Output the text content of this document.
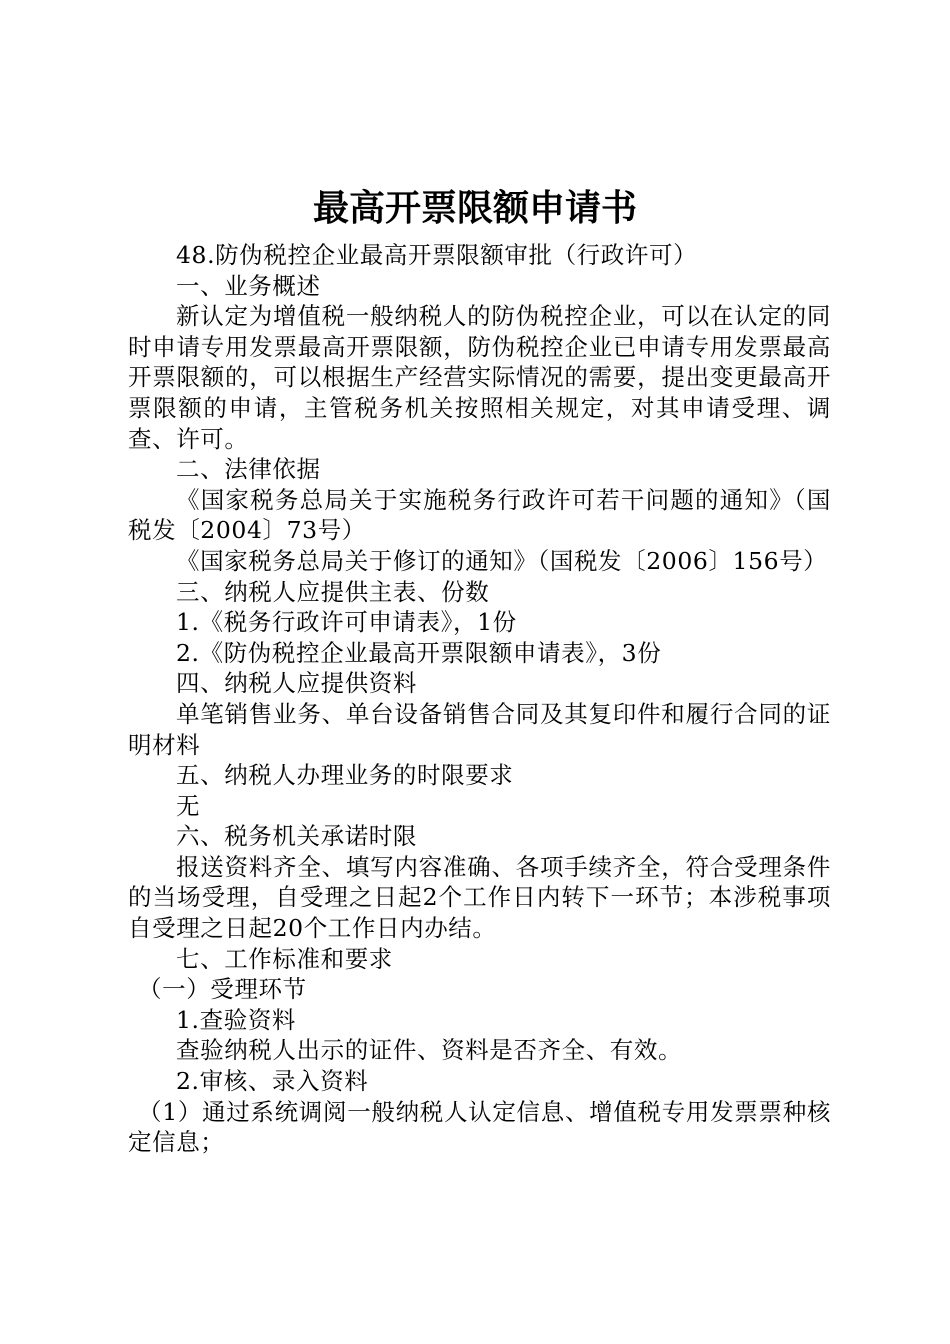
最高开票限额申请书

48.防伪税控企业最高开票限额审批（行政许可）

一、业务概述

新认定为增值税一般纳税人的防伪税控企业，可以在认定的同时申请专用发票最高开票限额，防伪税控企业已申请专用发票最高开票限额的，可以根据生产经营实际情况的需要，提出变更最高开票限额的申请，主管税务机关按照相关规定，对其申请受理、调查、许可。

二、法律依据

《国家税务总局关于实施税务行政许可若干问题的通知》（国税发〔2004〕73号）

《国家税务总局关于修订的通知》（国税发〔2006〕156号）

三、纳税人应提供主表、份数

1.《税务行政许可申请表》，1份

2.《防伪税控企业最高开票限额申请表》，3份

四、纳税人应提供资料

单笔销售业务、单台设备销售合同及其复印件和履行合同的证明材料

五、纳税人办理业务的时限要求

无

六、税务机关承诺时限

报送资料齐全、填写内容准确、各项手续齐全，符合受理条件的当场受理，自受理之日起2个工作日内转下一环节；本涉税事项自受理之日起20个工作日内办结。

七、工作标准和要求

（一）受理环节

1.查验资料

查验纳税人出示的证件、资料是否齐全、有效。

2.审核、录入资料

（1）通过系统调阅一般纳税人认定信息、增值税专用发票票种核定信息；
